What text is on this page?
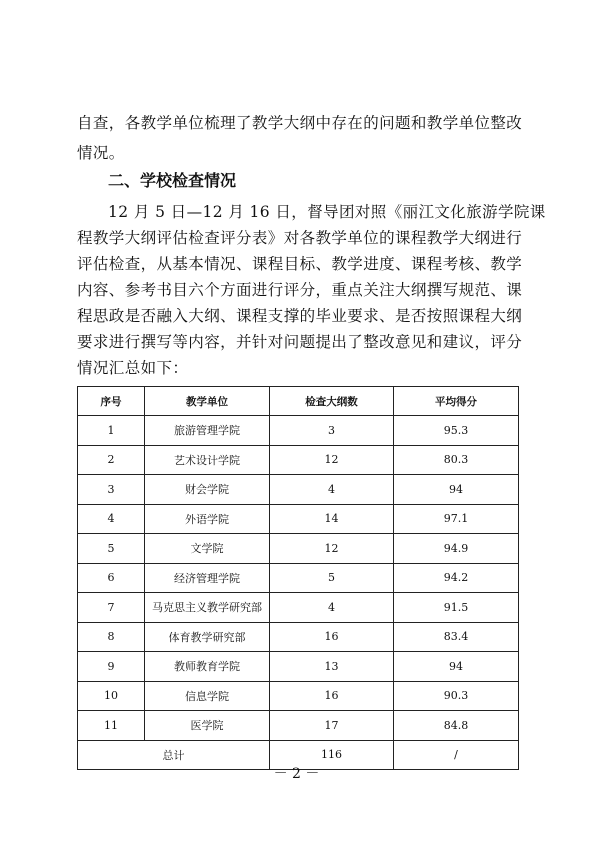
自查，各教学单位梳理了教学大纲中存在的问题和教学单位整改
情况。
二、学校检查情况
12 月 5 日—12 月 16 日，督导团对照《丽江文化旅游学院课
程教学大纲评估检查评分表》对各教学单位的课程教学大纲进行
评估检查，从基本情况、课程目标、教学进度、课程考核、教学
内容、参考书目六个方面进行评分，重点关注大纲撰写规范、课
程思政是否融入大纲、课程支撑的毕业要求、是否按照课程大纲
要求进行撰写等内容，并针对问题提出了整改意见和建议，评分
情况汇总如下：
序号	教学单位	检查大纲数	平均得分
1	旅游管理学院	3	95.3
2	艺术设计学院	12	80.3
3	财会学院	4	94
4	外语学院	14	97.1
5	文学院	12	94.9
6	经济管理学院	5	94.2
7	马克思主义教学研究部	4	91.5
8	体育教学研究部	16	83.4
9	教师教育学院	13	94
10	信息学院	16	90.3
11	医学院	17	84.8
总计		116	/
－ 2 －
